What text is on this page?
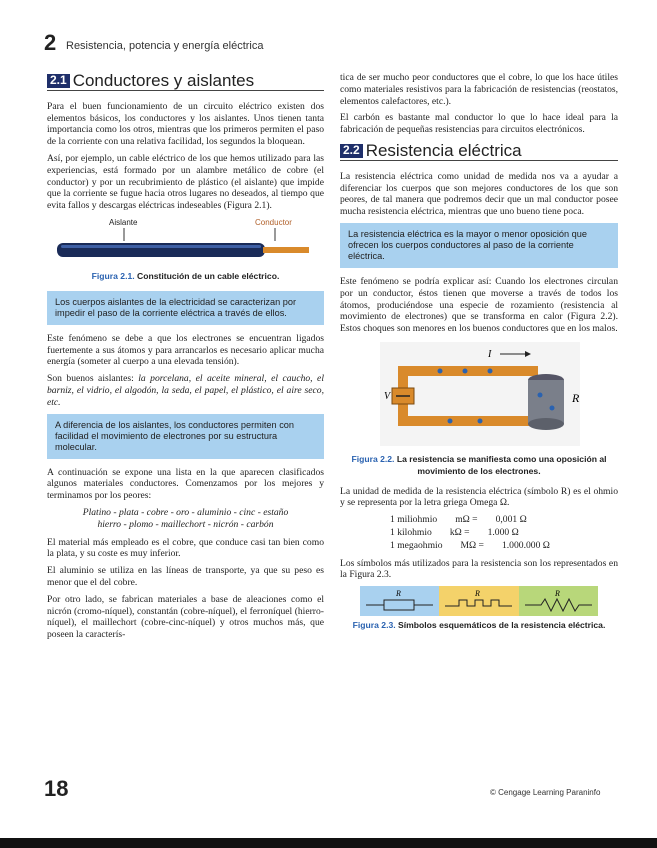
2 Resistencia, potencia y energía eléctrica
2.1 Conductores y aislantes

Para el buen funcionamiento de un circuito eléctrico existen dos elementos básicos, los conductores y los aislantes. Unos tienen tanta importancia como los otros, mientras que los primeros permiten el paso de la corriente con una relativa facilidad, los segundos la bloquean.

Así, por ejemplo, un cable eléctrico de los que hemos utilizado para las experiencias, está formado por un alambre metálico de cobre (el conductor) y por un recubrimiento de plástico (el aislante) que impide que la corriente se fugue hacia otros lugares no deseados, al tiempo que evita fallos y descargas eléctricas indeseables (Figura 2.1).

Aislante	Conductor
Figura 2.1. Constitución de un cable eléctrico.
Los cuerpos aislantes de la electricidad se caracterizan por impedir el paso de la corriente eléctrica a través de ellos.

Este fenómeno se debe a que los electrones se encuentran ligados fuertemente a sus átomos y para arrancarlos es necesario aplicar mucha energía (someter al cuerpo a una elevada tensión).

Son buenos aislantes: la porcelana, el aceite mineral, el caucho, el barniz, el vidrio, el algodón, la seda, el papel, el plástico, el aire seco, etc.

A diferencia de los aislantes, los conductores permiten con facilidad el movimiento de electrones por su estructura molecular.

A continuación se expone una lista en la que aparecen clasificados algunos materiales conductores. Comenzamos por los mejores y terminamos por los peores:

Platino - plata - cobre - oro - aluminio - cinc - estaño
hierro - plomo - maillechort - nicrón - carbón

El material más empleado es el cobre, que conduce casi tan bien como la plata, y su coste es muy inferior.

El aluminio se utiliza en las líneas de transporte, ya que su peso es menor que el del cobre.

Por otro lado, se fabrican materiales a base de aleaciones como el nicrón (cromo-níquel), constantán (cobre-níquel), el ferroníquel (hierro-níquel), el maillechort (cobre-cinc-níquel) y otros muchos más, que poseen la caracterís-

tica de ser mucho peor conductores que el cobre, lo que los hace útiles como materiales resistivos para la fabricación de resistencias (reostatos, elementos calefactores, etc.).

El carbón es bastante mal conductor lo que lo hace ideal para la fabricación de pequeñas resistencias para circuitos electrónicos.

2.2 Resistencia eléctrica

La resistencia eléctrica como unidad de medida nos va a ayudar a diferenciar los cuerpos que son mejores conductores de los que son peores, de tal manera que podremos decir que un mal conductor posee mucha resistencia eléctrica, mientras que uno bueno tiene poca.

La resistencia eléctrica es la mayor o menor oposición que ofrecen los cuerpos conductores al paso de la corriente eléctrica.

Este fenómeno se podría explicar así: Cuando los electrones circulan por un conductor, éstos tienen que moverse a través de todos los átomos, produciéndose una especie de rozamiento (resistencia al movimiento de electrones) que se transforma en calor (Figura 2.2). Estos choques son menores en los buenos conductores que en los malos.

I
V	R
Figura 2.2. La resistencia se manifiesta como una oposición al movimiento de los electrones.

La unidad de medida de la resistencia eléctrica (símbolo R) es el ohmio y se representa por la letra griega Omega Ω.

1 miliohmio mΩ = 0,001 Ω
1 kilohmio kΩ = 1.000 Ω
1 megaohmio MΩ = 1.000.000 Ω

Los símbolos más utilizados para la resistencia son los representados en la Figura 2.3.

R	R	R
Figura 2.3. Símbolos esquemáticos de la resistencia eléctrica.
18	© Cengage Learning Paraninfo
